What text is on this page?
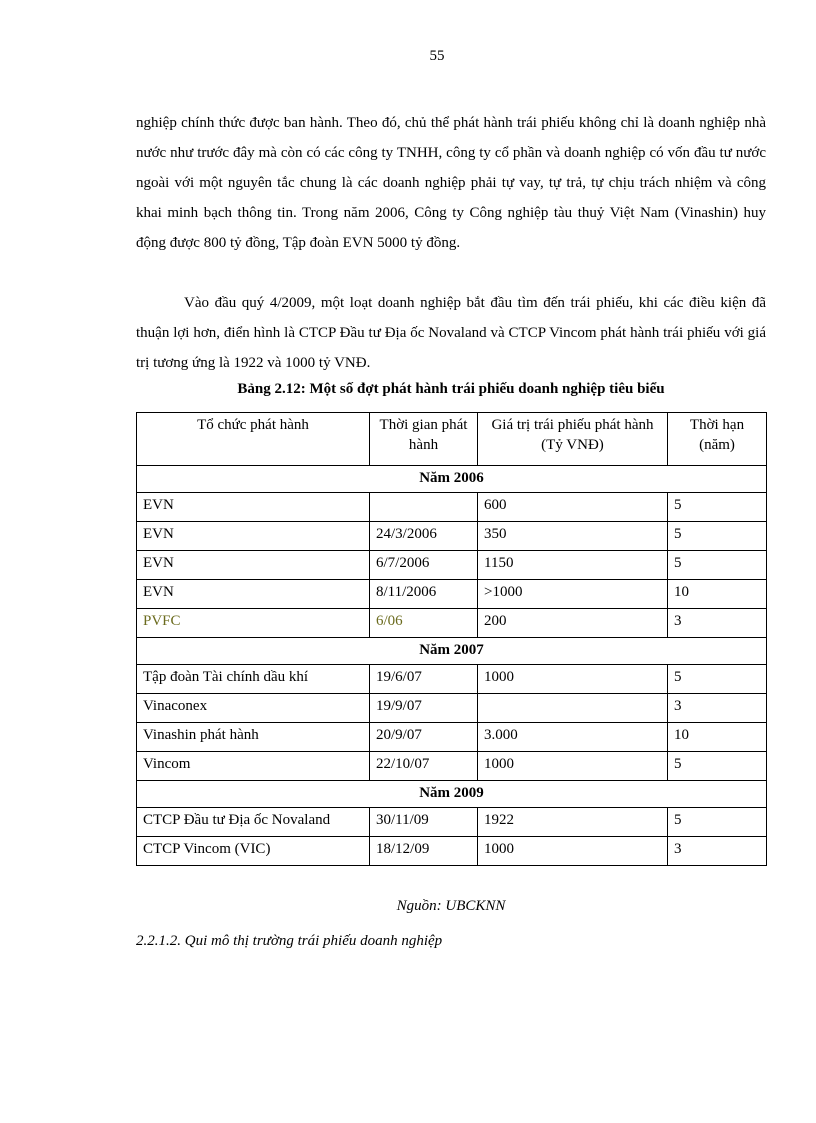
55

nghiệp chính thức được ban hành. Theo đó, chủ thể phát hành trái phiếu không chỉ là doanh nghiệp nhà nước như trước đây mà còn có các công ty TNHH, công ty cổ phần và doanh nghiệp có vốn đầu tư nước ngoài với một nguyên tắc chung là các doanh nghiệp phải tự vay, tự trả, tự chịu trách nhiệm và công khai minh bạch thông tin. Trong năm 2006, Công ty Công nghiệp tàu thuỷ Việt Nam (Vinashin) huy động được 800 tỷ đồng, Tập đoàn EVN 5000 tỷ đồng.

Vào đầu quý 4/2009, một loạt doanh nghiệp bắt đầu tìm đến trái phiếu, khi các điều kiện đã thuận lợi hơn, điển hình là CTCP Đầu tư Địa ốc Novaland và CTCP Vincom phát hành trái phiếu với giá trị tương ứng là 1922 và 1000 tỷ VNĐ.

Bảng 2.12: Một số đợt phát hành trái phiếu doanh nghiệp tiêu biểu
Tổ chức phát hành	Thời gian phát hành	Giá trị trái phiếu phát hành (Tỷ VNĐ)	Thời hạn (năm)
Năm 2006			
EVN		600	5
EVN	24/3/2006	350	5
EVN	6/7/2006	1150	5
EVN	8/11/2006	>1000	10
PVFC	6/06	200	3
Năm 2007			
Tập đoàn Tài chính dầu khí	19/6/07	1000	5
Vinaconex	19/9/07		3
Vinashin phát hành	20/9/07	3.000	10
Vincom	22/10/07	1000	5
Năm 2009			
CTCP Đầu tư Địa ốc Novaland	30/11/09	1922	5
CTCP Vincom (VIC)	18/12/09	1000	3
Nguồn: UBCKNN
2.2.1.2. Qui mô thị trường trái phiếu doanh nghiệp
